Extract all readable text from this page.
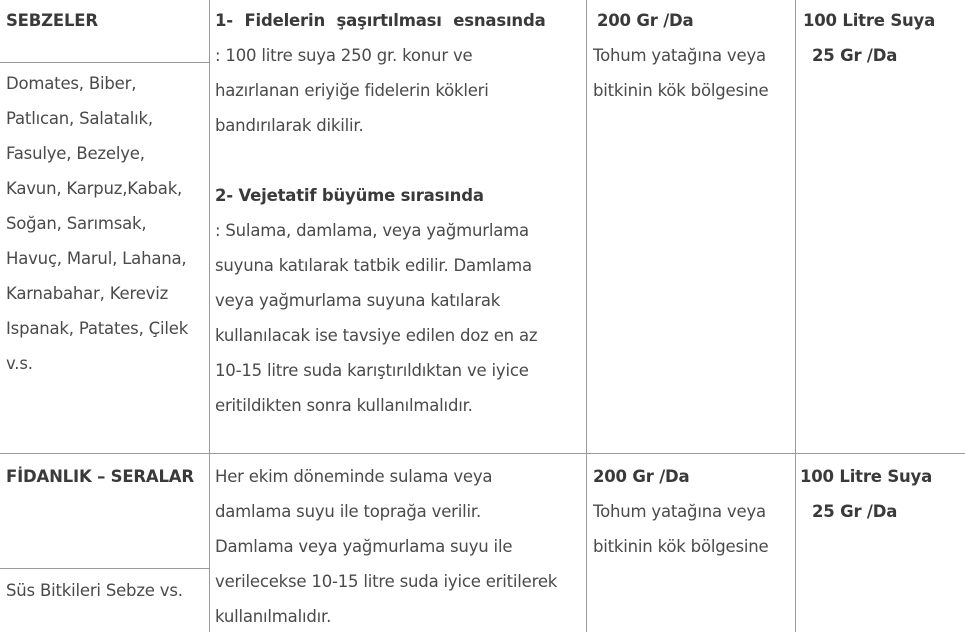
SEBZELER
Domates, Biber,
Patlıcan, Salatalık,
Fasulye, Bezelye,
Kavun, Karpuz,Kabak,
Soğan, Sarımsak,
Havuç, Marul, Lahana,
Karnabahar, Kereviz
Ispanak, Patates, Çilek
v.s.
1- Fidelerin şaşırtılması esnasında
: 100 litre suya 250 gr. konur ve
hazırlanan eriyiğe fidelerin kökleri
bandırılarak dikilir.

2- Vejetatif büyüme sırasında
: Sulama, damlama, veya yağmurlama
suyuna katılarak tatbik edilir. Damlama
veya yağmurlama suyuna katılarak
kullanılacak ise tavsiye edilen doz en az
10-15 litre suda karıştırıldıktan ve iyice
eritildikten sonra kullanılmalıdır.
200 Gr /Da
Tohum yatağına veya
bitkinin kök bölgesine
100 Litre Suya
25 Gr /Da
FİDANLIK – SERALAR
Süs Bitkileri Sebze vs.
Her ekim döneminde sulama veya
damlama suyu ile toprağa verilir.
Damlama veya yağmurlama suyu ile
verilecekse 10-15 litre suda iyice eritilerek
kullanılmalıdır.
200 Gr /Da
Tohum yatağına veya
bitkinin kök bölgesine
100 Litre Suya
25 Gr /Da
